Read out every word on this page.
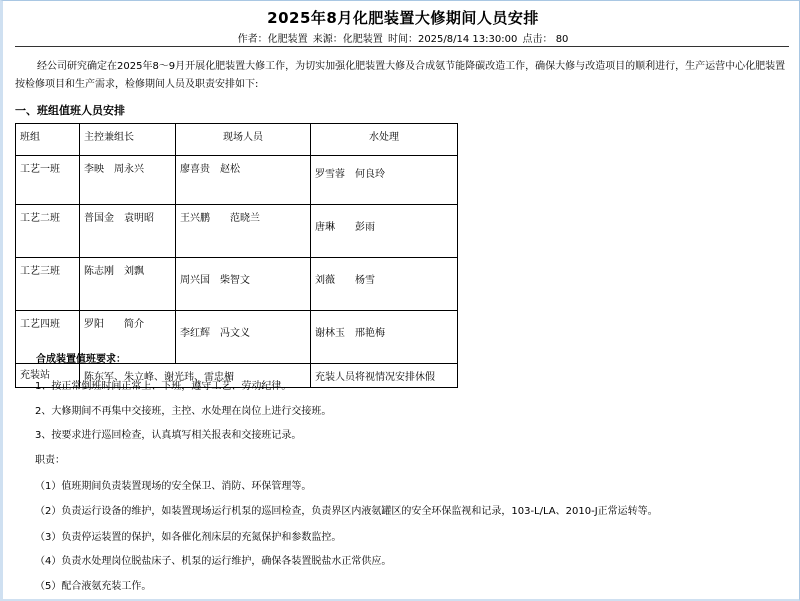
2025年8月化肥装置大修期间人员安排
作者：化肥装置 来源：化肥装置 时间：2025/8/14 13:30:00 点击： 80
经公司研究确定在2025年8～9月开展化肥装置大修工作，为切实加强化肥装置大修及合成氨节能降碳改造工作，确保大修与改造项目的顺利进行，生产运营中心化肥装置按检修项目和生产需求，检修期间人员及职责安排如下:
一、班组值班人员安排
班组	主控兼组长	现场人员	水处理
工艺一班	李映　周永兴	廖喜贵　赵松	罗雪蓉　何良玲
工艺二班	普国金　袁明昭	王兴鹏　　范晓兰	唐琳　　彭雨
工艺三班	陈志刚　刘飘	周兴国　柴智文	刘薇　　杨雪
工艺四班	罗阳　　简介	李红辉　冯文义	谢林玉　邢艳梅
充装站	陈东军、朱立峰、谢光玮、雷忠楣		充装人员将视情况安排休假
合成装置值班要求：
1、按正常倒班时间正常上、下班，遵守工艺、劳动纪律。
2、大修期间不再集中交接班，主控、水处理在岗位上进行交接班。
3、按要求进行巡回检查，认真填写相关报表和交接班记录。
职责：
（1）值班期间负责装置现场的安全保卫、消防、环保管理等。
（2）负责运行设备的维护，如装置现场运行机泵的巡回检查，负责界区内液氨罐区的安全环保监视和记录，103-L/LA、2010-J正常运转等。
（3）负责停运装置的保护，如各催化剂床层的充氮保护和参数监控。
（4）负责水处理岗位脱盐床子、机泵的运行维护，确保各装置脱盐水正常供应。
（5）配合液氨充装工作。
